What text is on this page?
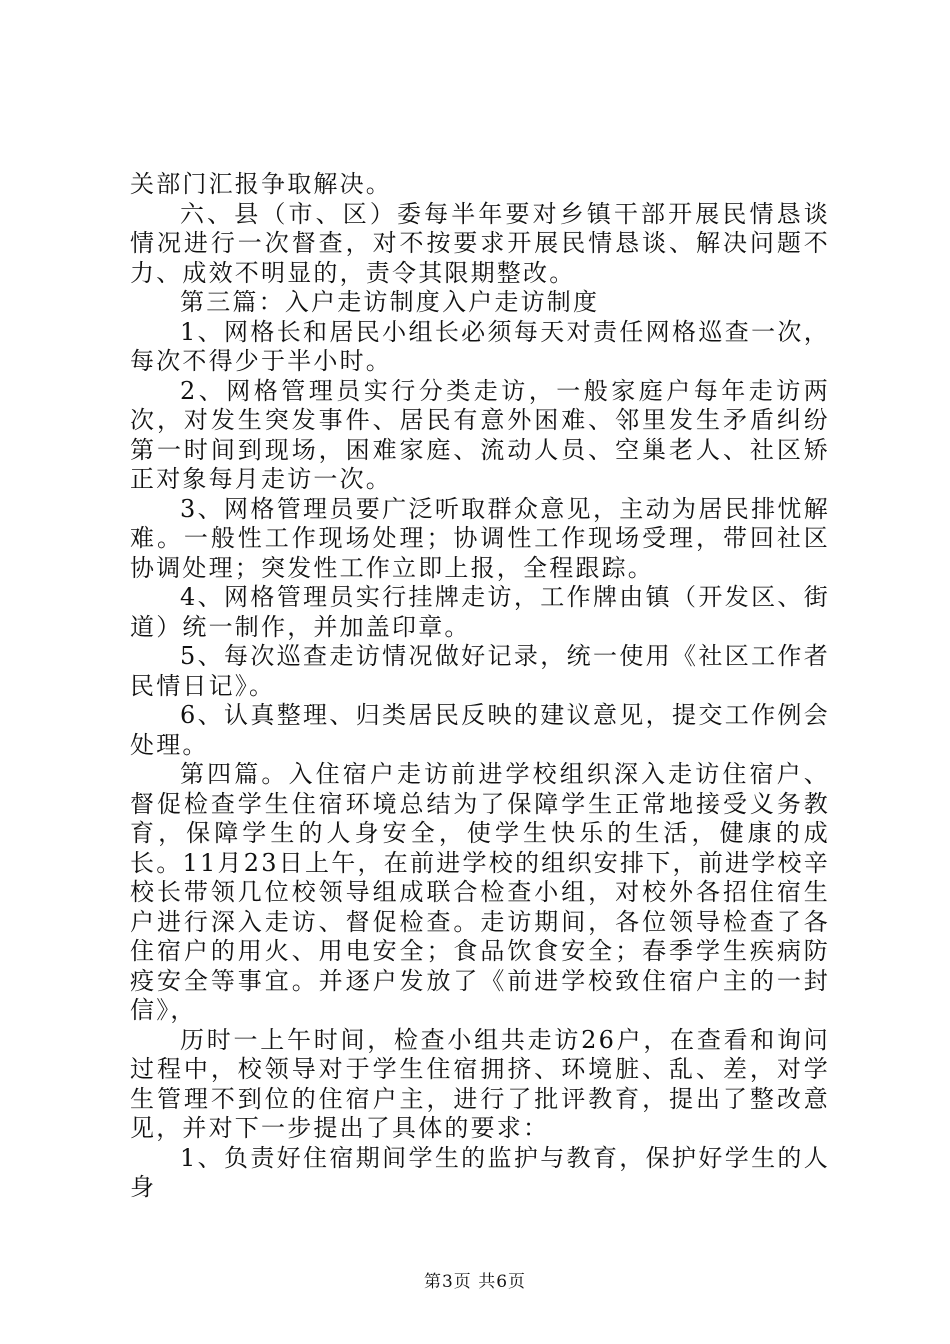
关部门汇报争取解决。

六、县（市、区）委每半年要对乡镇干部开展民情恳谈情况进行一次督查，对不按要求开展民情恳谈、解决问题不力、成效不明显的，责令其限期整改。

第三篇：入户走访制度入户走访制度

1、网格长和居民小组长必须每天对责任网格巡查一次，每次不得少于半小时。

2、网格管理员实行分类走访，一般家庭户每年走访两次，对发生突发事件、居民有意外困难、邻里发生矛盾纠纷第一时间到现场，困难家庭、流动人员、空巢老人、社区矫正对象每月走访一次。

3、网格管理员要广泛听取群众意见，主动为居民排忧解难。一般性工作现场处理；协调性工作现场受理，带回社区协调处理；突发性工作立即上报，全程跟踪。

4、网格管理员实行挂牌走访，工作牌由镇（开发区、街道）统一制作，并加盖印章。

5、每次巡查走访情况做好记录，统一使用《社区工作者民情日记》。

6、认真整理、归类居民反映的建议意见，提交工作例会处理。

第四篇。入住宿户走访前进学校组织深入走访住宿户、督促检查学生住宿环境总结为了保障学生正常地接受义务教育，保障学生的人身安全，使学生快乐的生活，健康的成长。11月23日上午，在前进学校的组织安排下，前进学校辛校长带领几位校领导组成联合检查小组，对校外各招住宿生户进行深入走访、督促检查。走访期间，各位领导检查了各住宿户的用火、用电安全；食品饮食安全；春季学生疾病防疫安全等事宜。并逐户发放了《前进学校致住宿户主的一封信》，

历时一上午时间，检查小组共走访26户，在查看和询问过程中，校领导对于学生住宿拥挤、环境脏、乱、差，对学生管理不到位的住宿户主，进行了批评教育，提出了整改意见，并对下一步提出了具体的要求：

1、负责好住宿期间学生的监护与教育，保护好学生的人身

第3页 共6页
